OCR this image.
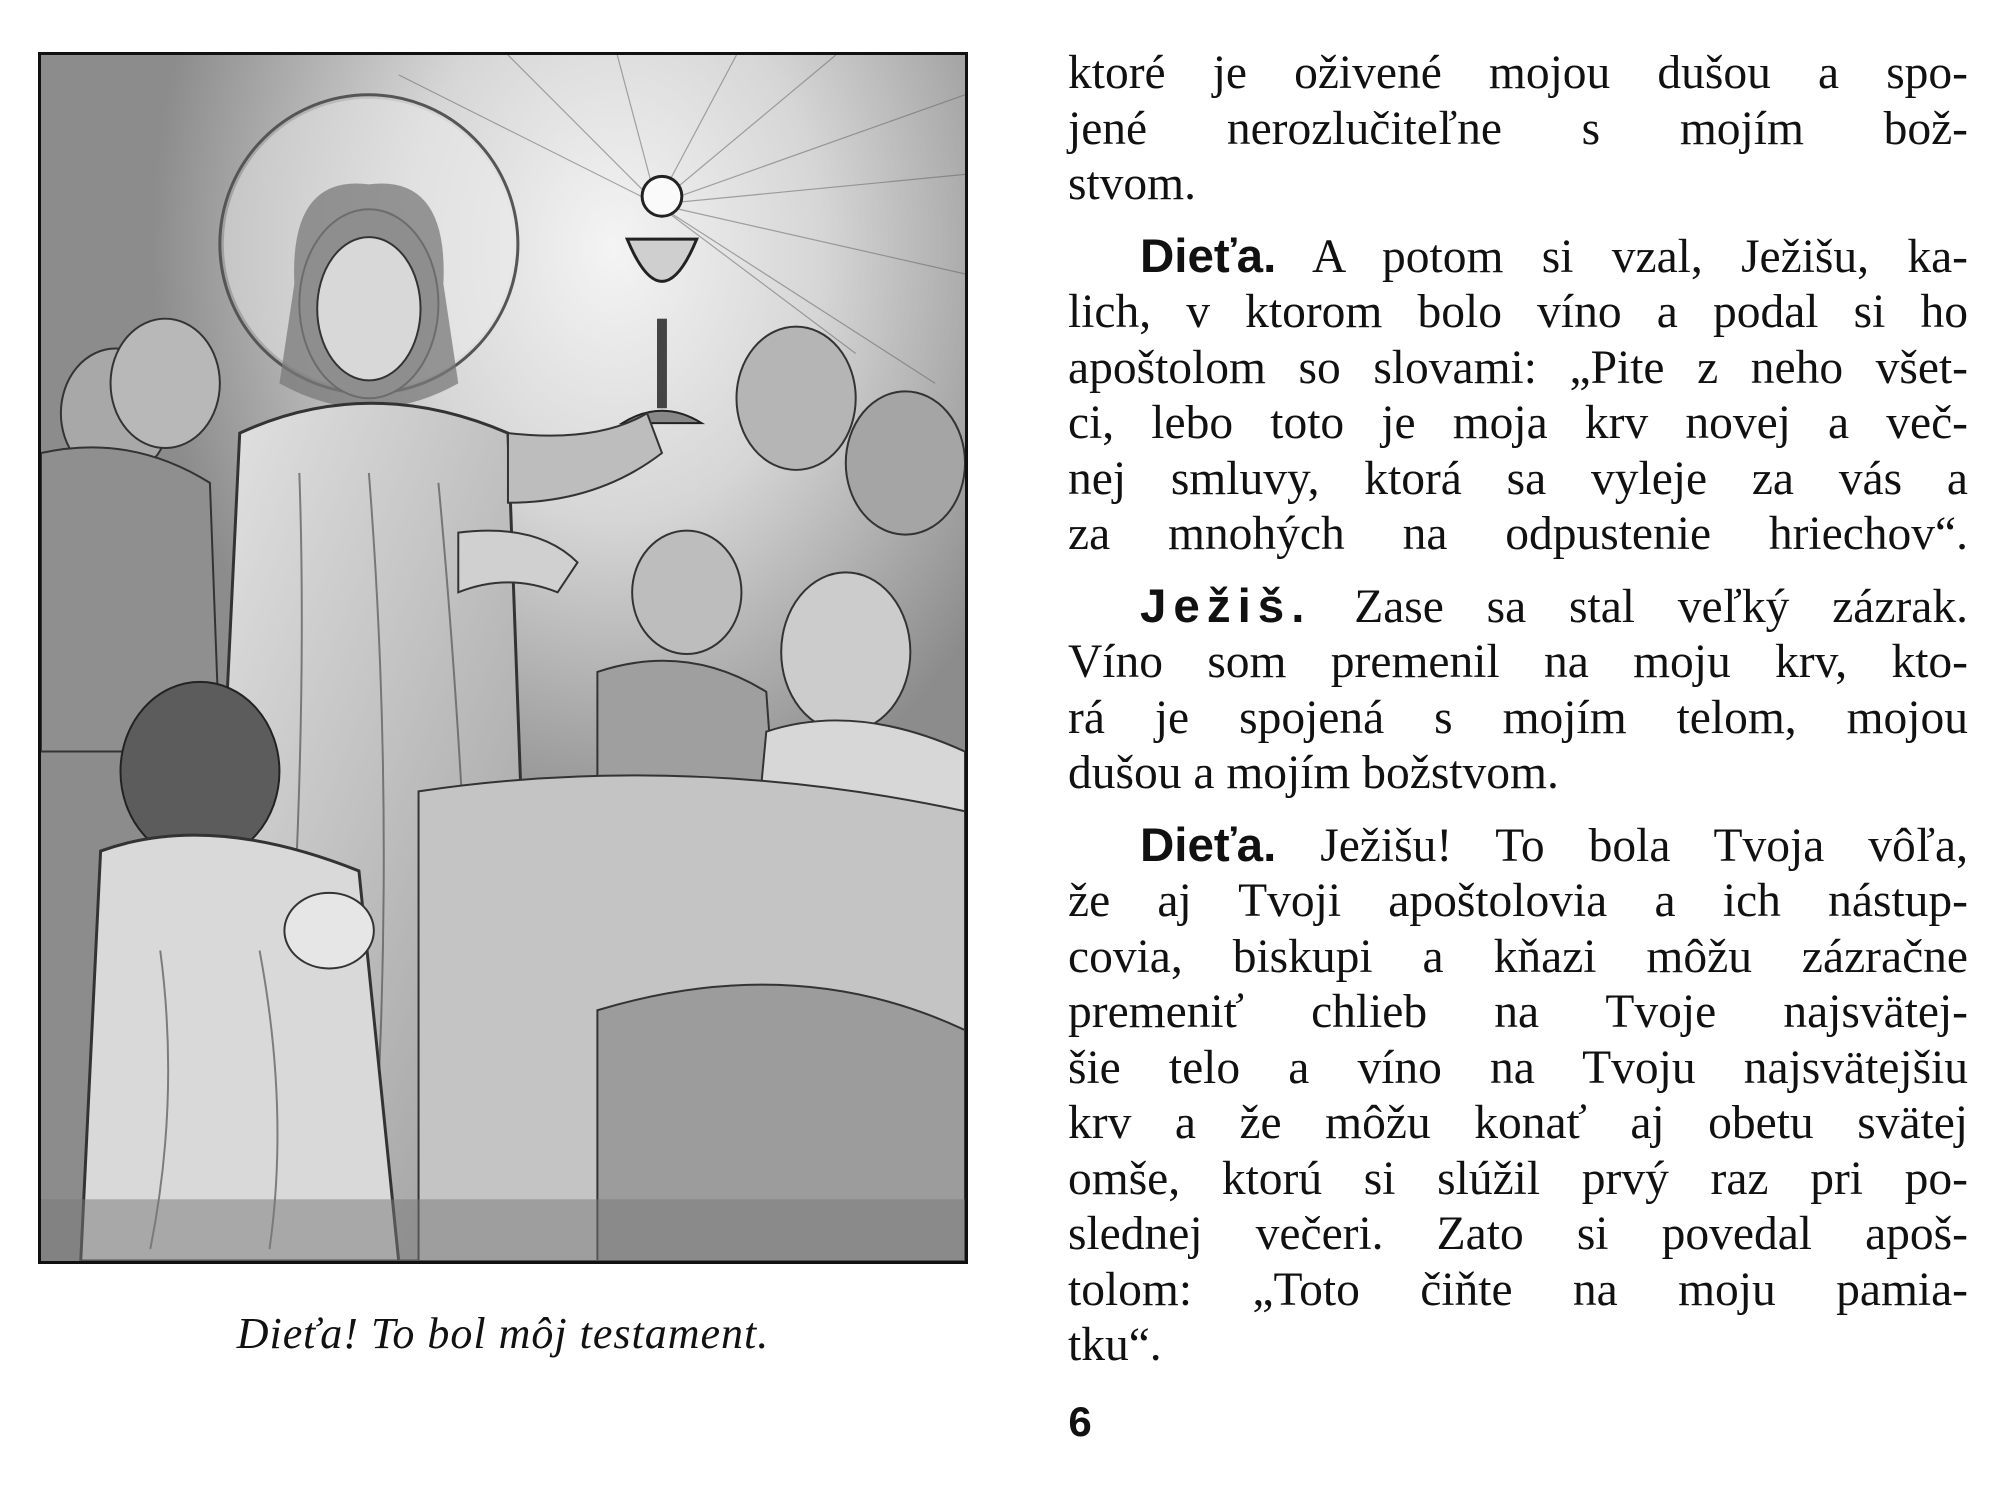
Dieťa! To bol môj testament.

ktoré je oživené mojou dušou a spo-
jené nerozlučiteľne s mojím bož-
stvom.

Dieťa. A potom si vzal, Ježišu, ka-
lich, v ktorom bolo víno a podal si ho
apoštolom so slovami: „Pite z neho všet-
ci, lebo toto je moja krv novej a več-
nej smluvy, ktorá sa vyleje za vás a
za mnohých na odpustenie hriechov“.

Ježiš. Zase sa stal veľký zázrak.
Víno som premenil na moju krv, kto-
rá je spojená s mojím telom, mojou
dušou a mojím božstvom.

Dieťa. Ježišu! To bola Tvoja vôľa,
že aj Tvoji apoštolovia a ich nástup-
covia, biskupi a kňazi môžu zázračne
premeniť chlieb na Tvoje najsvätej-
šie telo a víno na Tvoju najsvätejšiu
krv a že môžu konať aj obetu svätej
omše, ktorú si slúžil prvý raz pri po-
slednej večeri. Zato si povedal apoš-
tolom: „Toto čiňte na moju pamia-
tku“.

6
